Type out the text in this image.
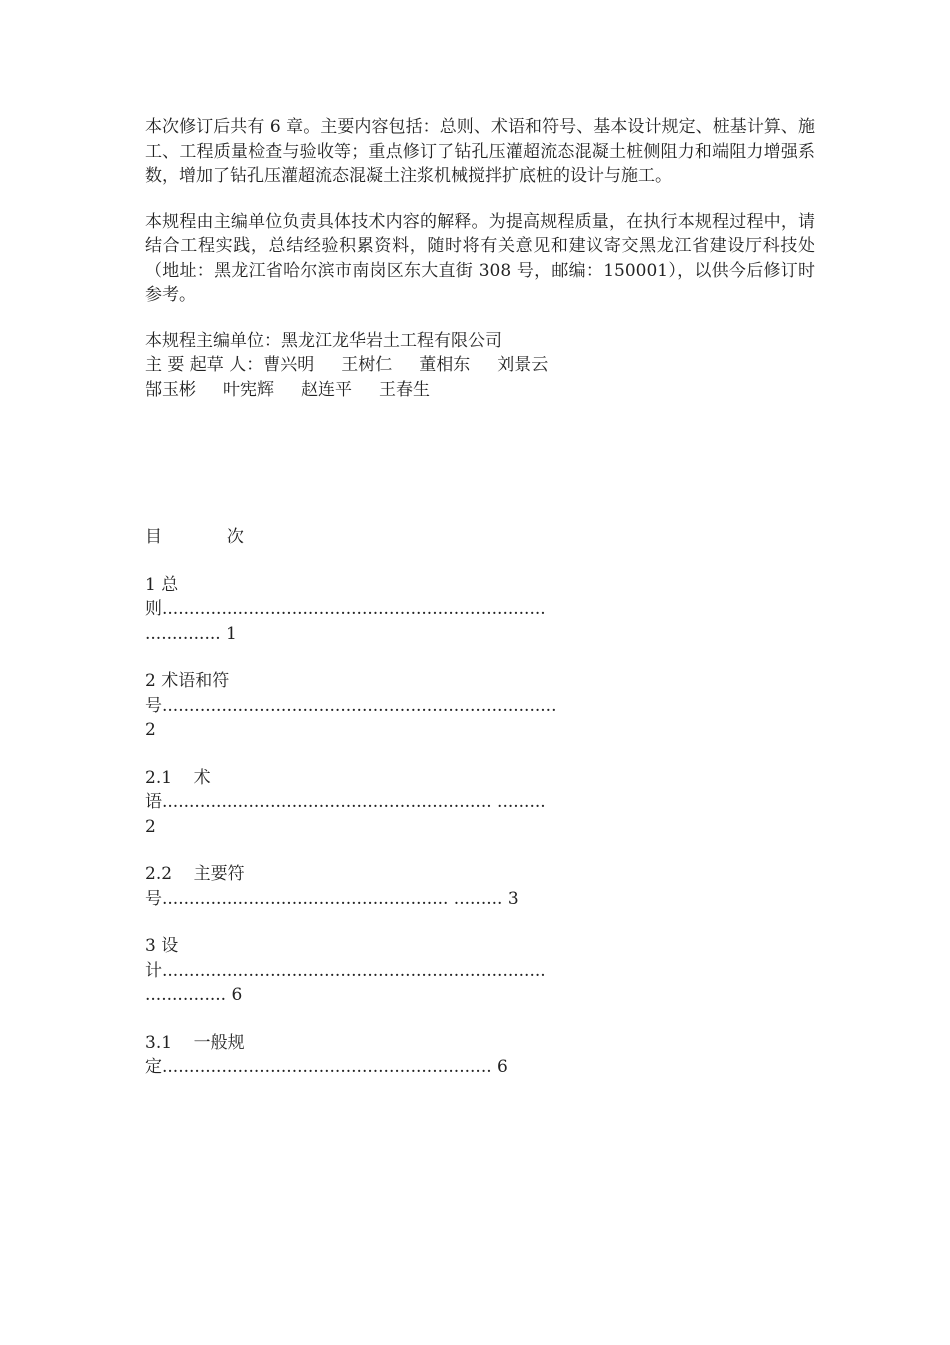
本次修订后共有 6 章。主要内容包括：总则、术语和符号、基本设计规定、桩基计算、施工、工程质量检查与验收等；重点修订了钻孔压灌超流态混凝土桩侧阻力和端阻力增强系数，增加了钻孔压灌超流态混凝土注浆机械搅拌扩底桩的设计与施工。

本规程由主编单位负责具体技术内容的解释。为提高规程质量，在执行本规程过程中，请结合工程实践，总结经验积累资料，随时将有关意见和建议寄交黑龙江省建设厅科技处（地址：黑龙江省哈尔滨市南岗区东大直街 308 号，邮编：150001），以供今后修订时参考。

本规程主编单位：黑龙江龙华岩土工程有限公司

主 要 起草 人：曹兴明     王树仁     董相东     刘景云

郜玉彬     叶宪辉     赵连平     王春生

目            次
1 总
则.......................................................................
.............. 1
2 术语和符
号.........................................................................
2
2.1    术
语............................................................. .........
2
2.2    主要符
号..................................................... ......... 3
3 设
计.......................................................................
............... 6
3.1    一般规
定............................................................. 6
